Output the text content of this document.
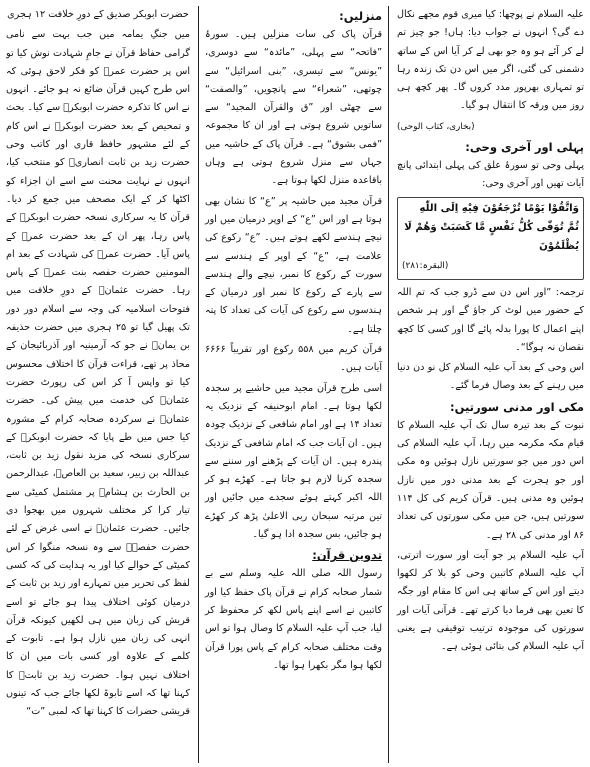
علیہ السلام نے پوچھا: کیا میری قوم مجھے نکال دے گی؟ انہوں نے جواب دیا: ہاں! جو چیز تم لے کر آئے ہو وہ جو بھی لے کر آیا اس کے ساتھ دشمنی کی گئی، اگر میں اس دن تک زندہ رہا تو تمہاری بھرپور مدد کروں گا۔ پھر کچھ ہی روز میں ورقہ کا انتقال ہو گیا۔

(بخاری، کتاب الوحی)

پہلی اور آخری وحی:

پہلی وحی تو سورۂ علق کی پہلی ابتدائی پانچ آیات تھیں اور آخری وحی:

وَاتَّقُوْا یَوْمًا تُرْجَعُوْنَ فِیْهِ اِلَی اللّٰهِ

ثُمَّ تُوَفّٰی كُلُّ نَفْسٍ مَّا كَسَبَتْ وَهُمْ لَا

یُظْلَمُوْنَ

(البقرہ:۲۸۱)

ترجمہ: ”اور اس دن سے ڈرو جب کہ تم اللہ کے حضور میں لوٹ کر جاؤ گے اور ہر شخص اپنے اعمال کا پورا بدلہ پائے گا اور کسی کا کچھ نقصان نہ ہوگا“۔

اس وحی کے بعد آپ علیہ السلام کل نو دن دنیا میں رہنے کے بعد وصال فرما گئے۔

مکی اور مدنی سورتیں:

نبوت کے بعد تیرہ سال تک آپ علیہ السلام کا قیام مکہ مکرمہ میں رہا، آپ علیہ السلام کی اس دور میں جو سورتیں نازل ہوئیں وہ مکی اور جو ہجرت کے بعد مدنی دور میں نازل ہوئیں وہ مدنی ہیں۔ قرآن کریم کی کل ۱۱۴ سورتیں ہیں، جن میں مکی سورتوں کی تعداد ۸۶ اور مدنی کی ۲۸ ہے۔

آپ علیہ السلام پر جو آیت اور سورت اترتی، آپ علیہ السلام کاتبین وحی کو بلا کر لکھوا دیتے اور اس کے ساتھ ہی اس کا مقام اور جگہ کا تعین بھی فرما دیا کرتے تھے۔ قرآنی آیات اور سورتوں کی موجودہ ترتیب توقیفی ہے یعنی آپ علیہ السلام کی بتائی ہوئی ہے۔

منزلیں:

قرآن پاک کی سات منزلیں ہیں۔ سورۂ ”فاتحہ“ سے پہلی، ”مائدہ“ سے دوسری، ”یونس“ سے تیسری، ”بنی اسرائیل“ سے چوتھی، ”شعراء“ سے پانچویں، ”والصفت“ سے چھٹی اور ”ق والقرآن المجید“ سے ساتویں شروع ہوتی ہے اور ان کا مجموعہ ”فمی بشوق“ ہے۔ قرآن پاک کے حاشیہ میں جہاں سے منزل شروع ہوتی ہے وہاں باقاعدہ منزل لکھا ہوتا ہے۔

قرآن مجید میں حاشیہ پر ”ع“ کا نشان بھی ہوتا ہے اور اس ”ع“ کے اوپر درمیان میں اور نیچے ہندسے لکھے ہوتے ہیں۔ ”ع“ رکوع کی علامت ہے، ”ع“ کے اوپر کے ہندسے سے سورت کے رکوع کا نمبر، نیچے والے ہندسے سے پارے کے رکوع کا نمبر اور درمیان کے ہندسوں سے رکوع کی آیات کی تعداد کا پتہ چلتا ہے۔

قرآن کریم میں ۵۵۸ رکوع اور تقریباً ۶۶۶۶ آیات ہیں۔

اسی طرح قرآن مجید میں حاشیے پر سجدہ لکھا ہوتا ہے۔ امام ابوحنیفہ کے نزدیک یہ تعداد ۱۴ ہے اور امام شافعی کے نزدیک چودہ ہیں۔ ان آیات جب کہ امام شافعی کے نزدیک پندرہ ہیں۔ ان آیات کے پڑھنے اور سننے سے سجدہ کرنا لازم ہو جاتا ہے۔ کھڑے ہو کر اللہ اکبر کہتے ہوئے سجدے میں جائیں اور تین مرتبہ سبحان ربی الاعلیٰ پڑھ کر کھڑے ہو جائیں، بس سجدہ ادا ہو گیا۔

تدوین قرآن:

رسول اللہ صلی اللہ علیہ وسلم سے بے شمار صحابہ کرام نے قرآن پاک حفظ کیا اور کاتبین نے اسے اپنے پاس لکھ کر محفوظ کر لیا، جب آپ علیہ السلام کا وصال ہوا تو اس وقت مختلف صحابہ کرام کے پاس پورا قرآن لکھا ہوا مگر بکھرا ہوا تھا۔

حضرت ابوبکر صدیق کے دورِ خلافت ۱۲ ہجری

میں جنگِ یمامہ میں جب بہت سے نامی گرامی حفاظ قرآن نے جامِ شہادت نوش کیا تو اس پر حضرت عمرؓ کو فکر لاحق ہوئی کہ اس طرح کہیں قرآن ضائع نہ ہو جائے۔ انہوں نے اس کا تذکرہ حضرت ابوبکرؓ سے کیا۔ بحث و تمحیص کے بعد حضرت ابوبکرؓ نے اس کام کے لئے مشہور حافظ قاری اور کاتب وحی حضرت زید بن ثابت انصاریؓ کو منتخب کیا، انہوں نے نہایت محنت سے اسے ان اجزاء کو اکٹھا کر کے ایک مصحف میں جمع کر دیا۔ قرآن کا یہ سرکاری نسخہ حضرت ابوبکرؓ کے پاس رہا، پھر ان کے بعد حضرت عمرؓ کے پاس آیا۔ حضرت عمرؓ کی شہادت کے بعد ام المومنین حضرت حفصہ بنت عمرؓ کے پاس رہا۔ حضرت عثمانؓ کے دورِ خلافت میں فتوحات اسلامیہ کی وجہ سے اسلام دور دور تک پھیل گیا تو ۲۵ ہجری میں حضرت حذیفہ بن یمانؓ نے جو کہ آرمینیہ اور آذربائیجان کے محاذ پر تھے، قراءت قرآن کا اختلاف محسوس کیا تو واپس آ کر اس کی رپورٹ حضرت عثمانؓ کی خدمت میں پیش کی۔ حضرت عثمانؓ نے سرکردہ صحابہ کرام کے مشورہ کیا جس میں طے پایا کہ حضرت ابوبکرؓ کے سرکاری نسخہ کی مزید نقول زید بن ثابت، عبداللہ بن زبیر، سعید بن العاصؓ، عبدالرحمن بن الحارث بن ہشامؓ پر مشتمل کمیٹی سے تیار کرا کر مختلف شہروں میں بھجوا دی جائیں۔ حضرت عثمانؓ نے اسی غرض کے لئے حضرت حفصہؓ سے وہ نسخہ منگوا کر اس کمیٹی کے حوالے کیا اور یہ ہدایت کی کہ کسی لفظ کی تحریر میں تمہارے اور زید بن ثابت کے درمیان کوئی اختلاف پیدا ہو جائے تو اسے قریش کی زبان میں ہی لکھیں کیونکہ قرآن انہی کی زبان میں نازل ہوا ہے۔ تابوت کے کلمے کے علاوہ اور کسی بات میں ان کا اختلاف نہیں ہوا۔ حضرت زید بن ثابتؓ کا کہنا تھا کہ اسے تابوۃ لکھا جائے جب کہ تینوں قریشی حضرات کا کہنا تھا کہ لمبی ”ت“
